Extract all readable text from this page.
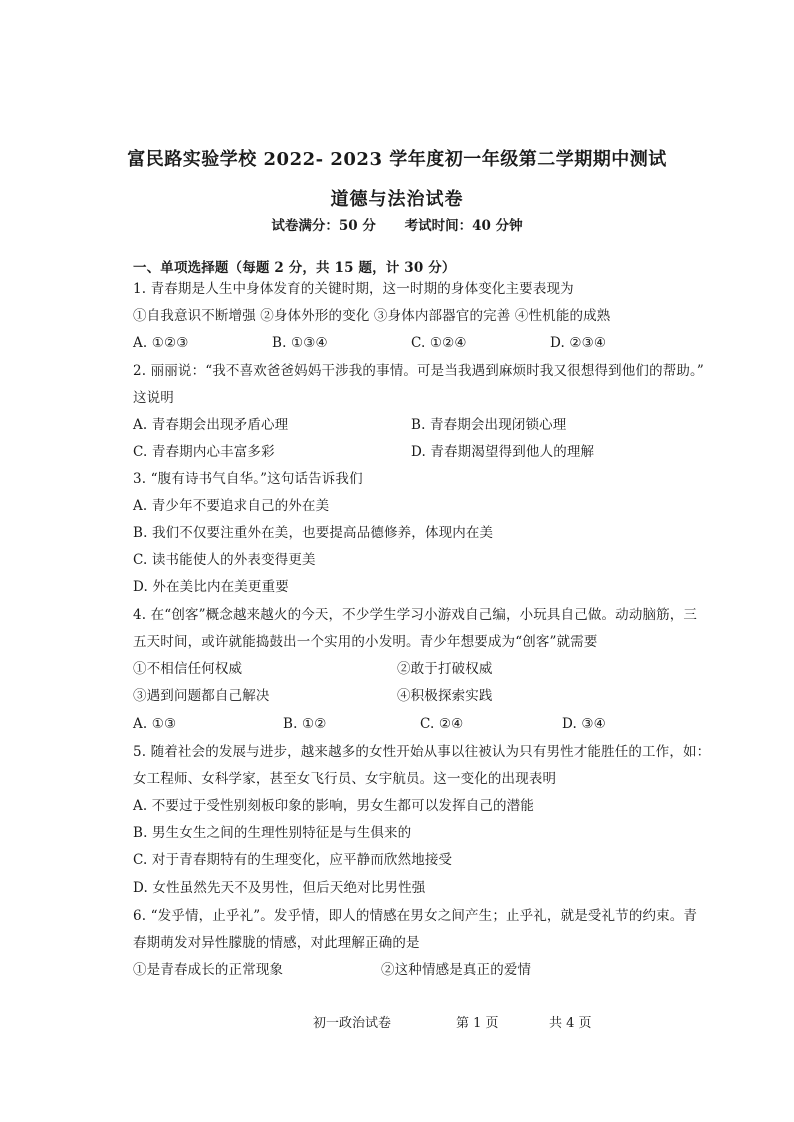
富民路实验学校 2022- 2023 学年度初一年级第二学期期中测试
道德与法治试卷
试卷满分：50 分 考试时间：40 分钟
一、单项选择题（每题 2 分，共 15 题，计 30 分）
1. 青春期是人生中身体发育的关键时期，这一时期的身体变化主要表现为
①自我意识不断增强 ②身体外形的变化 ③身体内部器官的完善 ④性机能的成熟
A. ①②③	B. ①③④	C. ①②④	D. ②③④
2. 丽丽说：“我不喜欢爸爸妈妈干涉我的事情。可是当我遇到麻烦时我又很想得到他们的帮助。”
这说明
A. 青春期会出现矛盾心理	B. 青春期会出现闭锁心理
C. 青春期内心丰富多彩	D. 青春期渴望得到他人的理解
3. “腹有诗书气自华。”这句话告诉我们
A. 青少年不要追求自己的外在美
B. 我们不仅要注重外在美，也要提高品德修养，体现内在美
C. 读书能使人的外表变得更美
D. 外在美比内在美更重要
4. 在“创客”概念越来越火的今天，不少学生学习小游戏自己编，小玩具自己做。动动脑筋，三
五天时间，或许就能捣鼓出一个实用的小发明。青少年想要成为“创客”就需要
①不相信任何权威	②敢于打破权威
③遇到问题都自己解决	④积极探索实践
A. ①③	B. ①②	C. ②④	D. ③④
5. 随着社会的发展与进步，越来越多的女性开始从事以往被认为只有男性才能胜任的工作，如：
女工程师、女科学家，甚至女飞行员、女宇航员。这一变化的出现表明
A. 不要过于受性别刻板印象的影响，男女生都可以发挥自己的潜能
B. 男生女生之间的生理性别特征是与生俱来的
C. 对于青春期特有的生理变化，应平静而欣然地接受
D. 女性虽然先天不及男性，但后天绝对比男性强
6. “发乎情，止乎礼”。发乎情，即人的情感在男女之间产生；止乎礼，就是受礼节的约束。青
春期萌发对异性朦胧的情感，对此理解正确的是
①是青春成长的正常现象	②这种情感是真正的爱情
初一政治试卷	第 1 页	共 4 页
